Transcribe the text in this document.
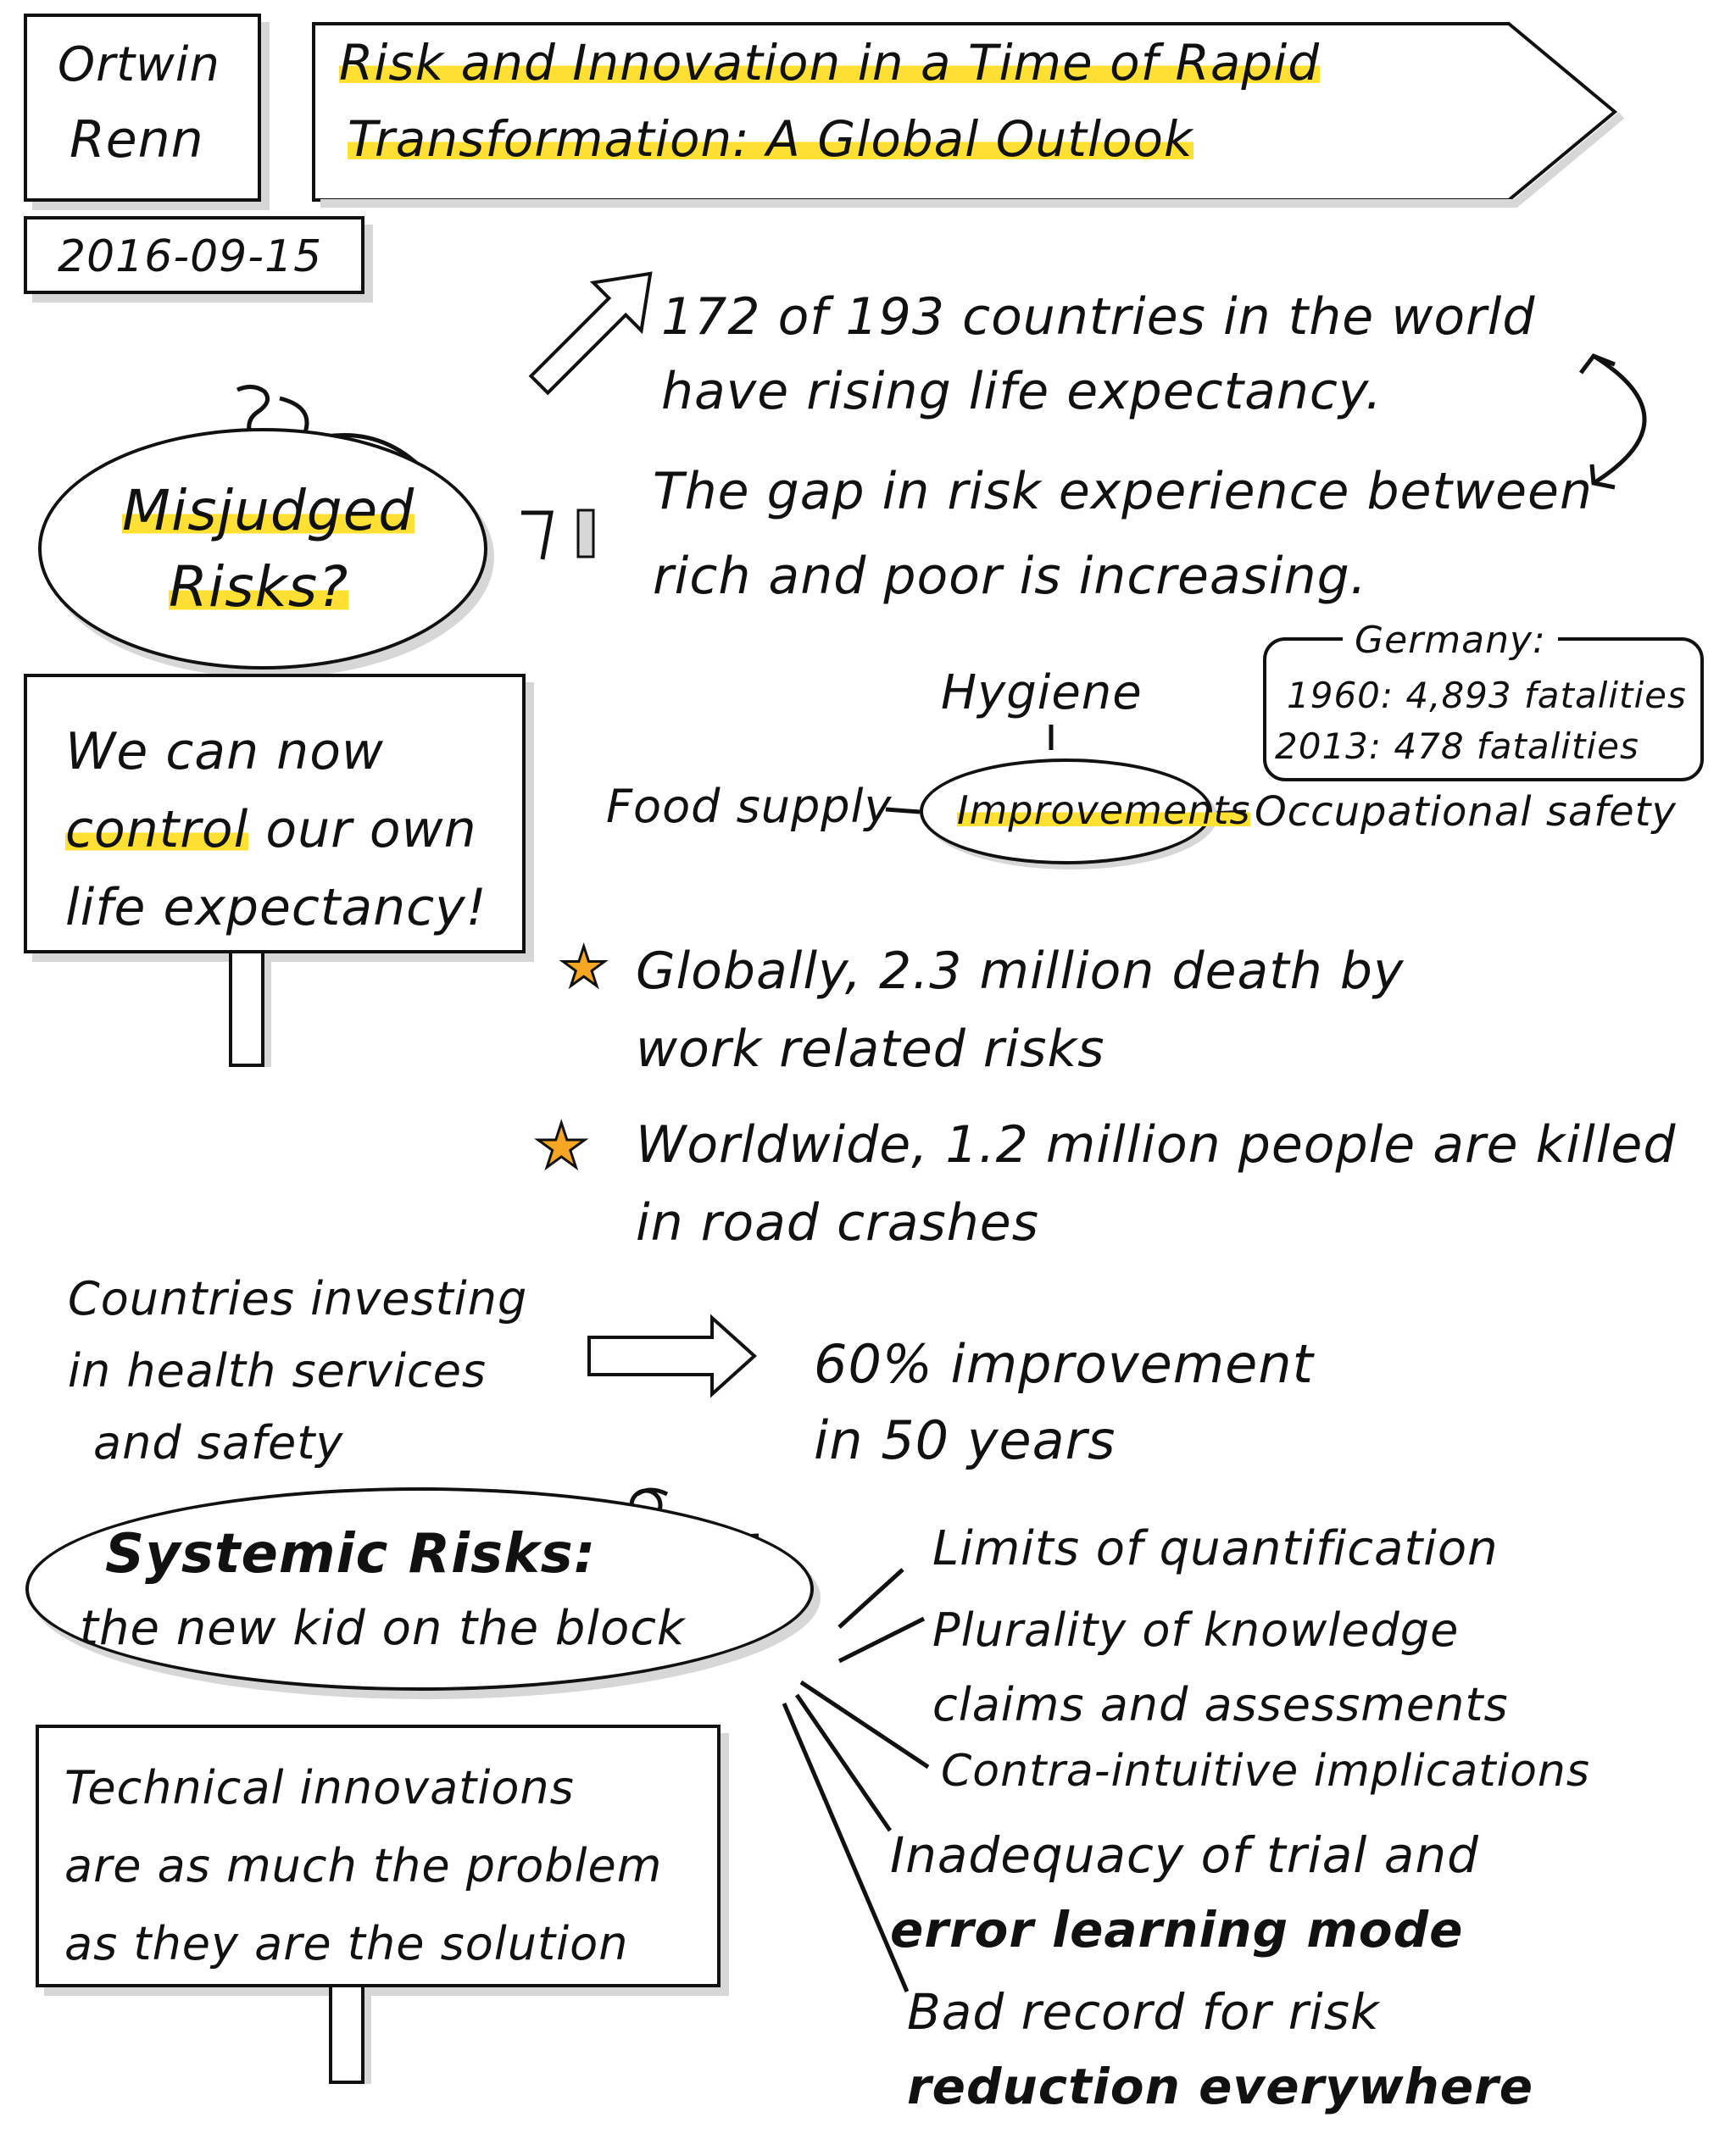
Ortwin
Renn
Risk and Innovation in a Time of Rapid
Transformation: A Global Outlook
2016-09-15
Misjudged
Risks?
172 of 193 countries in the world
have rising life expectancy.
The gap in risk experience between
rich and poor is increasing.
We can now
control our own
life expectancy!
Hygiene
Improvements
Food supply	Occupational safety
Germany:
1960: 4,893 fatalities
2013: 478 fatalities
★ Globally, 2.3 million death by
work related risks
★ Worldwide, 1.2 million people are killed
in road crashes
Countries investing
in health services
and safety
60% improvement
in 50 years
Systemic Risks:
the new kid on the block
Technical innovations
are as much the problem
as they are the solution
Limits of quantification
Plurality of knowledge
claims and assessments
Contra-intuitive implications
Inadequacy of trial and
error learning mode
Bad record for risk
reduction everywhere
